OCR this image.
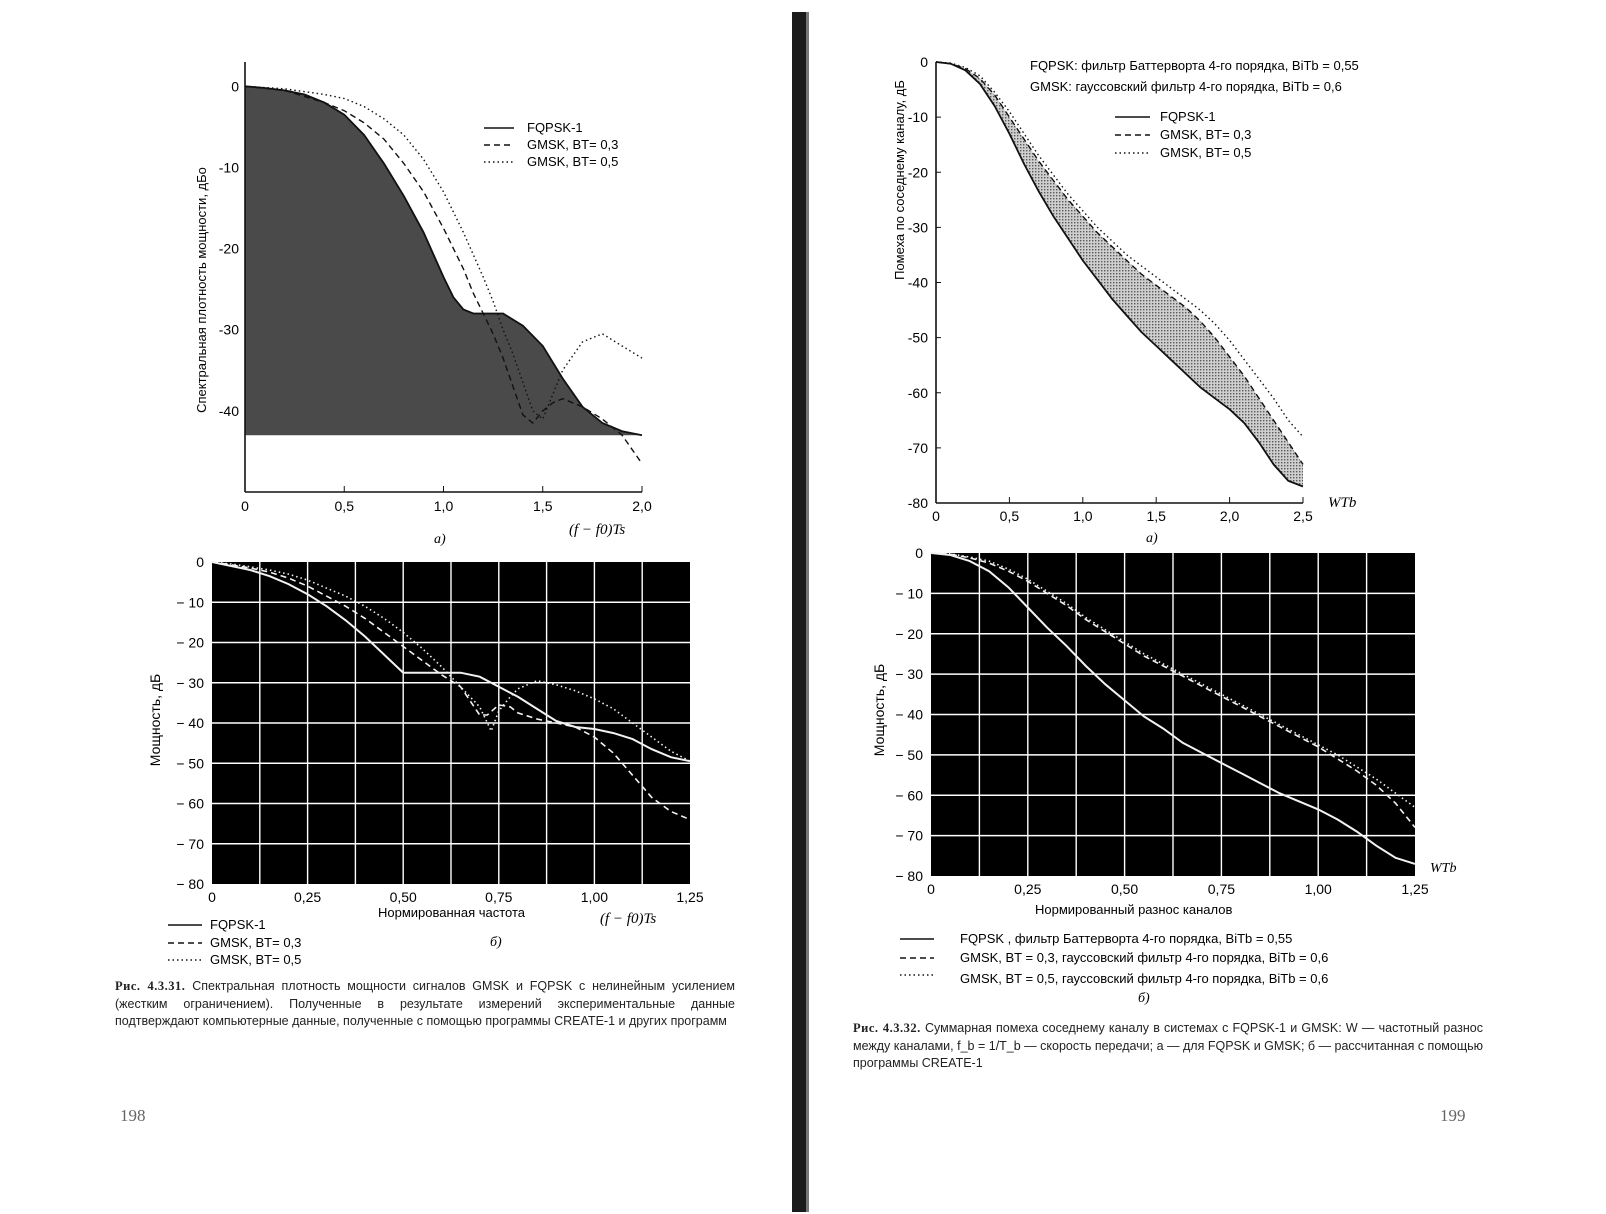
0	0,5	1,0	1,5	2,0
0
-10
-20
-30
-40
Спектральная плотность мощности, дБо
(f − f0)Ts
а)
FQPSK-1
GMSK, BT= 0,3
GMSK, BT= 0,5
0	0,25	0,50	0,75	1,00	1,25
0
− 10
− 20
− 30
− 40
− 50
− 60
− 70
− 80
Мощность, дБ
Нормированная частота	(f − f0)Ts
б)
FQPSK-1
GMSK, BT= 0,3
GMSK, BT= 0,5
Рис. 4.3.31. Спектральная плотность мощности сигналов GMSK и FQPSK с нелинейным усилением (жестким ограничением). Полученные в результате измерений экспериментальные данные подтверждают компьютерные данные, полученные с помощью программы CREATE-1 и других программ
198
0	0,5	1,0	1,5	2,0	2,5
0
-10
-20
-30
-40
-50
-60
-70
-80
Помеха по соседнему каналу, дБ
WTb
а)
FQPSK: фильтр Баттерворта 4-го порядка, BiTb = 0,55
GMSK: гауссовский фильтр 4-го порядка, BiTb = 0,6
FQPSK-1
GMSK, BT= 0,3
GMSK, BT= 0,5
0	0,25	0,50	0,75	1,00	1,25
0
− 10
− 20
− 30
− 40
− 50
− 60
− 70
− 80
Мощность, дБ
Нормированный разнос каналов
WTb
б)
FQPSK , фильтр Баттерворта 4-го порядка, BiTb = 0,55
GMSK, BT = 0,3, гауссовский фильтр 4-го порядка, BiTb = 0,6
GMSK, BT = 0,5, гауссовский фильтр 4-го порядка, BiTb = 0,6
Рис. 4.3.32. Суммарная помеха соседнему каналу в системах с FQPSK-1 и GMSK: W — частотный разнос между каналами, f_b = 1/T_b — скорость передачи; а — для FQPSK и GMSK; б — рассчитанная с помощью программы CREATE-1
199
